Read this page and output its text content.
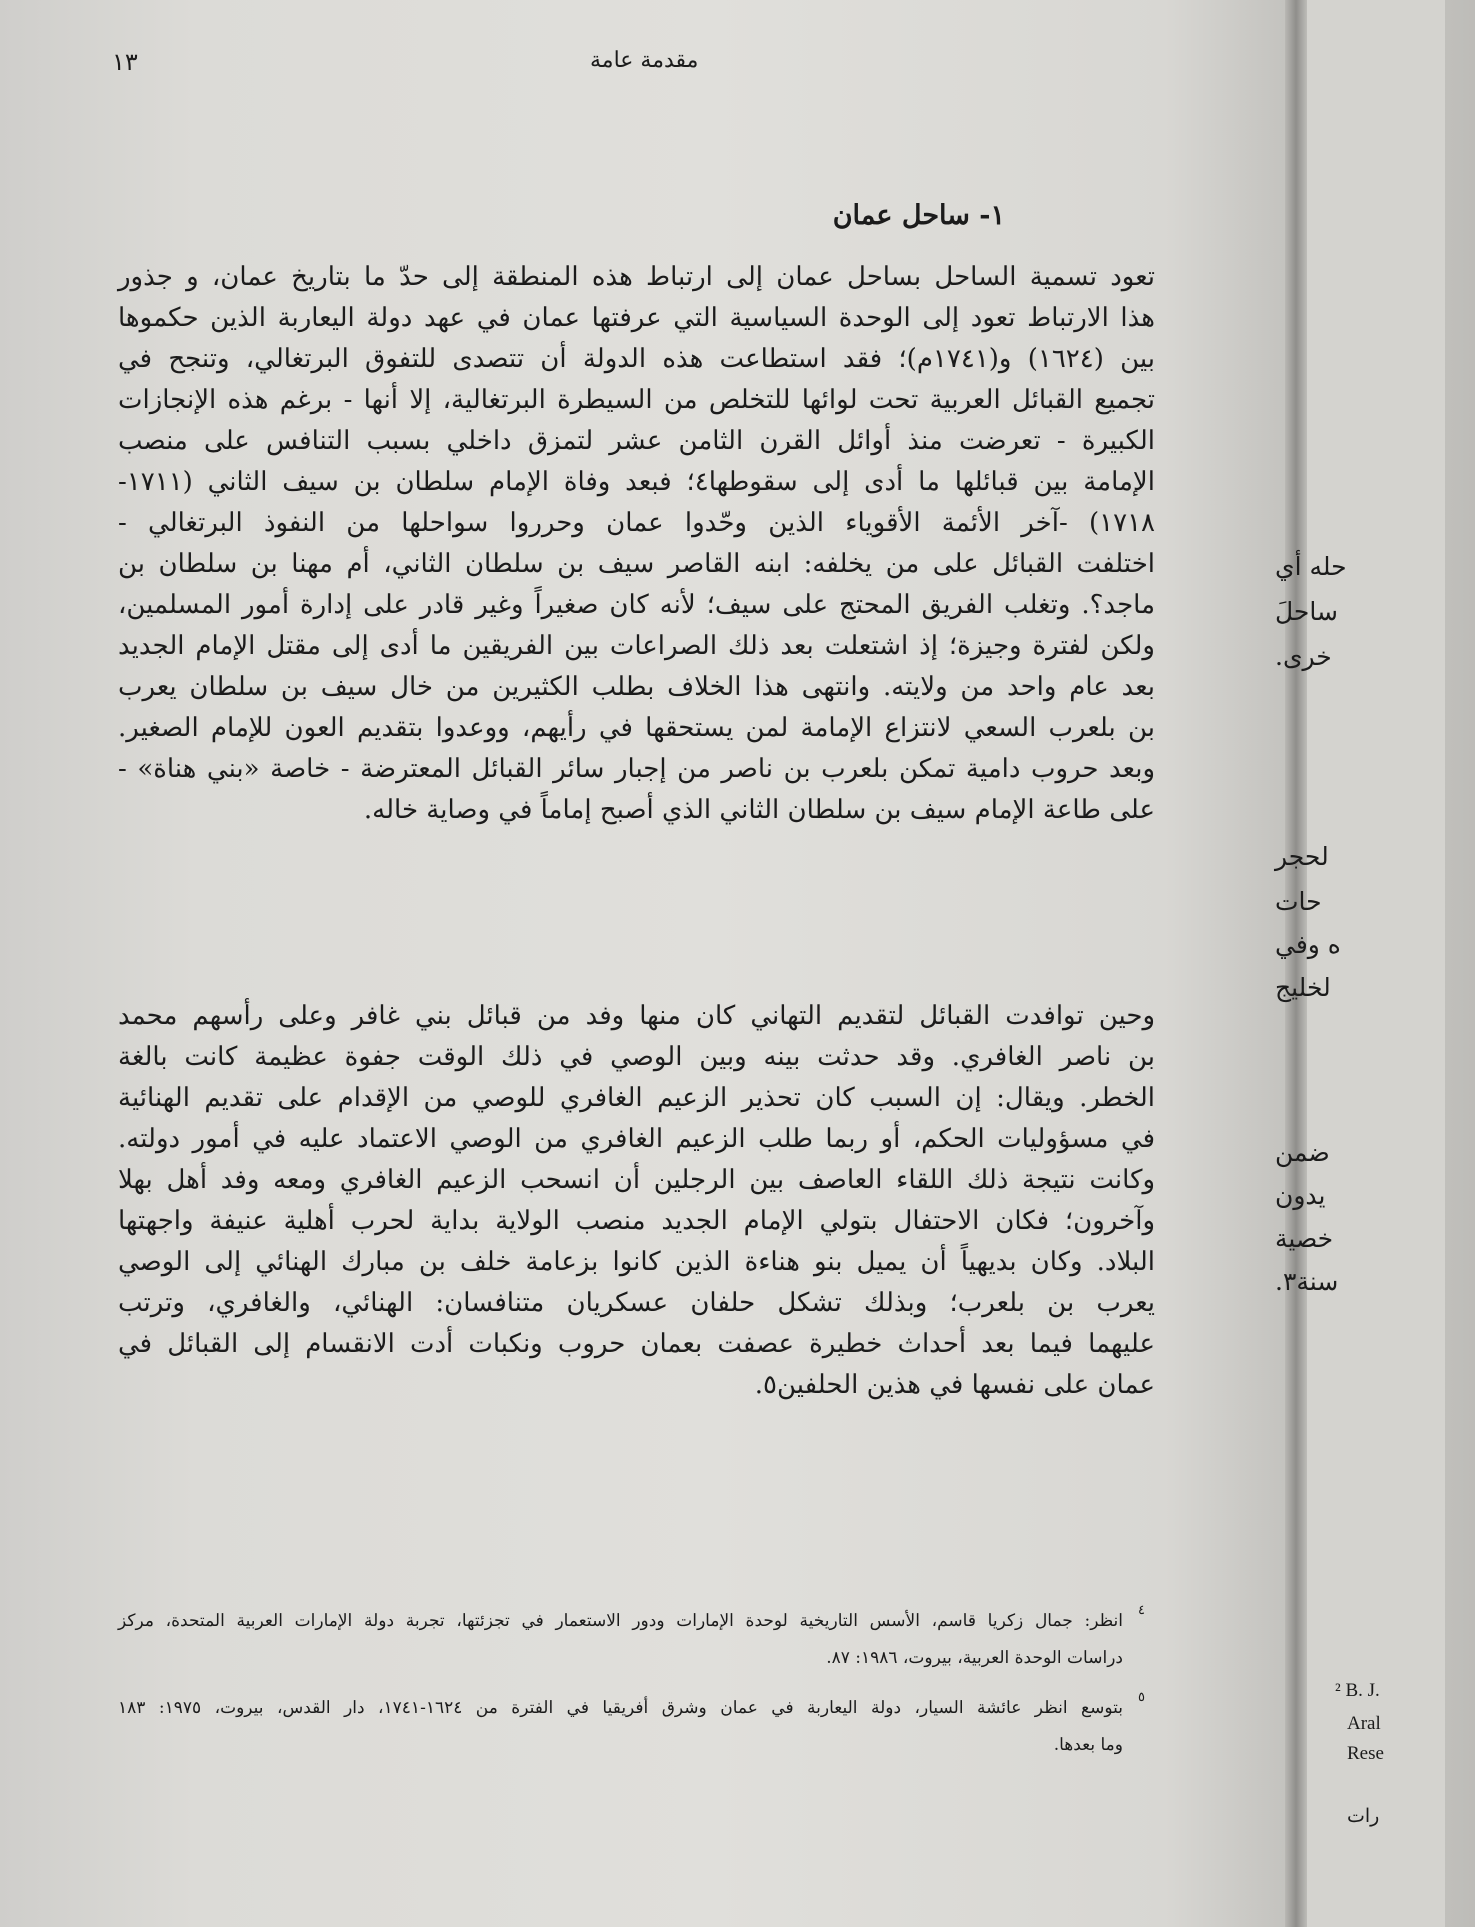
مقدمة عامة
١٣
١- ساحل عمان
تعود تسمية الساحل بساحل عمان إلى ارتباط هذه المنطقة إلى حدّ ما بتاريخ عمان، و جذور
هذا الارتباط تعود إلى الوحدة السياسية التي عرفتها عمان في عهد دولة اليعاربة الذين حكموها
بين (١٦٢٤) و(١٧٤١م)؛ فقد استطاعت هذه الدولة أن تتصدى للتفوق البرتغالي، وتنجح في
تجميع القبائل العربية تحت لوائها للتخلص من السيطرة البرتغالية، إلا أنها - برغم هذه الإنجازات
الكبيرة - تعرضت منذ أوائل القرن الثامن عشر لتمزق داخلي بسبب التنافس على منصب
الإمامة بين قبائلها ما أدى إلى سقوطها٤؛ فبعد وفاة الإمام سلطان بن سيف الثاني (١٧١١-
١٧١٨) -آخر الأئمة الأقوياء الذين وحّدوا عمان وحرروا سواحلها من النفوذ البرتغالي -
اختلفت القبائل على من يخلفه: ابنه القاصر سيف بن سلطان الثاني، أم مهنا بن سلطان بن
ماجد؟. وتغلب الفريق المحتج على سيف؛ لأنه كان صغيراً وغير قادر على إدارة أمور المسلمين،
ولكن لفترة وجيزة؛ إذ اشتعلت بعد ذلك الصراعات بين الفريقين ما أدى إلى مقتل الإمام الجديد
بعد عام واحد من ولايته. وانتهى هذا الخلاف بطلب الكثيرين من خال سيف بن سلطان يعرب
بن بلعرب السعي لانتزاع الإمامة لمن يستحقها في رأيهم، ووعدوا بتقديم العون للإمام الصغير.
وبعد حروب دامية تمكن بلعرب بن ناصر من إجبار سائر القبائل المعترضة - خاصة «بني هناة» -
على طاعة الإمام سيف بن سلطان الثاني الذي أصبح إماماً في وصاية خاله.
وحين توافدت القبائل لتقديم التهاني كان منها وفد من قبائل بني غافر وعلى رأسهم محمد
بن ناصر الغافري. وقد حدثت بينه وبين الوصي في ذلك الوقت جفوة عظيمة كانت بالغة
الخطر. ويقال: إن السبب كان تحذير الزعيم الغافري للوصي من الإقدام على تقديم الهنائية
في مسؤوليات الحكم، أو ربما طلب الزعيم الغافري من الوصي الاعتماد عليه في أمور دولته.
وكانت نتيجة ذلك اللقاء العاصف بين الرجلين أن انسحب الزعيم الغافري ومعه وفد أهل بهلا
وآخرون؛ فكان الاحتفال بتولي الإمام الجديد منصب الولاية بداية لحرب أهلية عنيفة واجهتها
البلاد. وكان بديهياً أن يميل بنو هناءة الذين كانوا بزعامة خلف بن مبارك الهنائي إلى الوصي
يعرب بن بلعرب؛ وبذلك تشكل حلفان عسكريان متنافسان: الهنائي، والغافري، وترتب
عليهما فيما بعد أحداث خطيرة عصفت بعمان حروب ونكبات أدت الانقسام إلى القبائل في
عمان على نفسها في هذين الحلفين٥.
٤
انظر: جمال زكريا قاسم، الأسس التاريخية لوحدة الإمارات ودور الاستعمار في تجزئتها، تجربة دولة الإمارات العربية المتحدة، مركز
دراسات الوحدة العربية، بيروت، ١٩٨٦: ٨٧.
٥
بتوسع انظر عائشة السيار، دولة اليعاربة في عمان وشرق أفريقيا في الفترة من ١٦٢٤-١٧٤١، دار القدس، بيروت، ١٩٧٥: ١٨٣
وما بعدها.
حله أي
ساحلَ
خرى.
لحجر
حات
ه وفي
لخليج
ضمن
يدون
خصية
سنة٣.
² B. J.
Aral
Rese
رات
